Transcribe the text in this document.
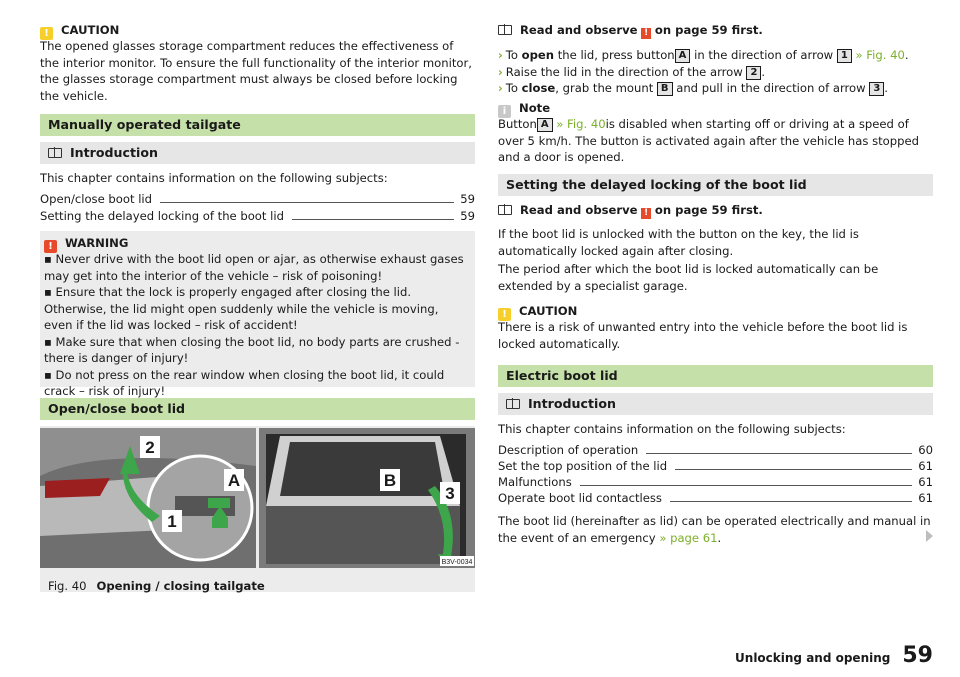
! CAUTION

The opened glasses storage compartment reduces the effectiveness of the interior monitor. To ensure the full functionality of the interior monitor, the glasses storage compartment must always be closed before locking the vehicle.

Manually operated tailgate
Introduction

This chapter contains information on the following subjects:

Open/close boot lid	59
Setting the delayed locking of the boot lid	59
! WARNING

▪ Never drive with the boot lid open or ajar, as otherwise exhaust gases may get into the interior of the vehicle – risk of poisoning!

▪ Ensure that the lock is properly engaged after closing the lid. Otherwise, the lid might open suddenly while the vehicle is moving, even if the lid was locked – risk of accident!

▪ Make sure that when closing the boot lid, no body parts are crushed - there is danger of injury!

▪ Do not press on the rear window when closing the boot lid, it could crack – risk of injury!

Open/close boot lid
2
A
1
B
3
B3V-0034
Fig. 40 Opening / closing tailgate
Read and observe ! on page 59 first.

› To open the lid, press button A in the direction of arrow 1 » Fig. 40.

› Raise the lid in the direction of the arrow 2 .

› To close, grab the mount B and pull in the direction of arrow 3 .

i Note

Button A » Fig. 40is disabled when starting off or driving at a speed of over 5 km/h. The button is activated again after the vehicle has stopped and a door is opened.

Setting the delayed locking of the boot lid
Read and observe ! on page 59 first.

If the boot lid is unlocked with the button on the key, the lid is automatically locked again after closing.

The period after which the boot lid is locked automatically can be extended by a specialist garage.

! CAUTION

There is a risk of unwanted entry into the vehicle before the boot lid is locked automatically.

Electric boot lid
Introduction

This chapter contains information on the following subjects:

Description of operation	60
Set the top position of the lid	61
Malfunctions	61
Operate boot lid contactless	61

The boot lid (hereinafter as lid) can be operated electrically and manual in the event of an emergency » page 61.

Unlocking and opening 59
